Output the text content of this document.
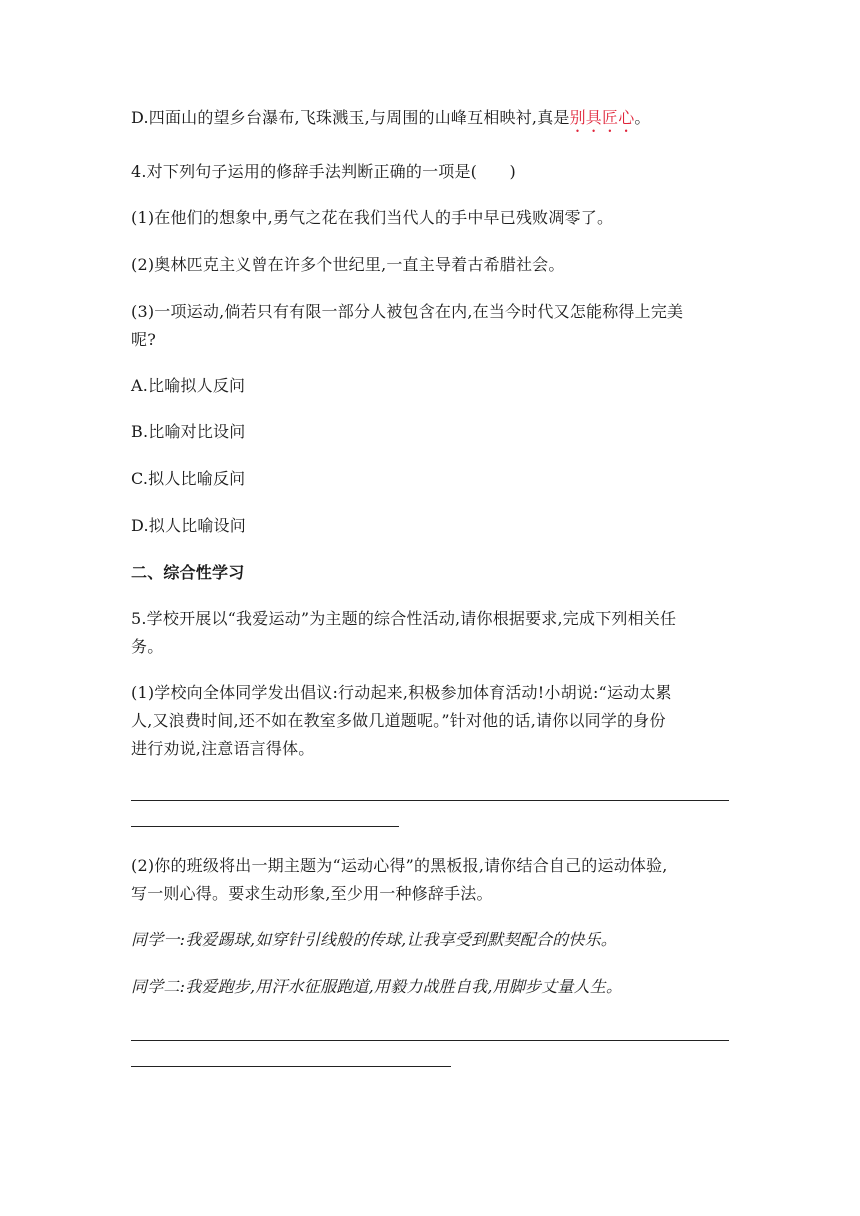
D.四面山的望乡台瀑布,飞珠溅玉,与周围的山峰互相映衬,真是别具匠心。
4.对下列句子运用的修辞手法判断正确的一项是(　　)
(1)在他们的想象中,勇气之花在我们当代人的手中早已残败凋零了。
(2)奥林匹克主义曾在许多个世纪里,一直主导着古希腊社会。
(3)一项运动,倘若只有有限一部分人被包含在内,在当今时代又怎能称得上完美
呢?
A.比喻拟人反问
B.比喻对比设问
C.拟人比喻反问
D.拟人比喻设问
二、综合性学习
5.学校开展以“我爱运动”为主题的综合性活动,请你根据要求,完成下列相关任
务。
(1)学校向全体同学发出倡议:行动起来,积极参加体育活动!小胡说:“运动太累
人,又浪费时间,还不如在教室多做几道题呢。”针对他的话,请你以同学的身份
进行劝说,注意语言得体。
(2)你的班级将出一期主题为“运动心得”的黑板报,请你结合自己的运动体验,
写一则心得。要求生动形象,至少用一种修辞手法。
同学一:我爱踢球,如穿针引线般的传球,让我享受到默契配合的快乐。
同学二:我爱跑步,用汗水征服跑道,用毅力战胜自我,用脚步丈量人生。
